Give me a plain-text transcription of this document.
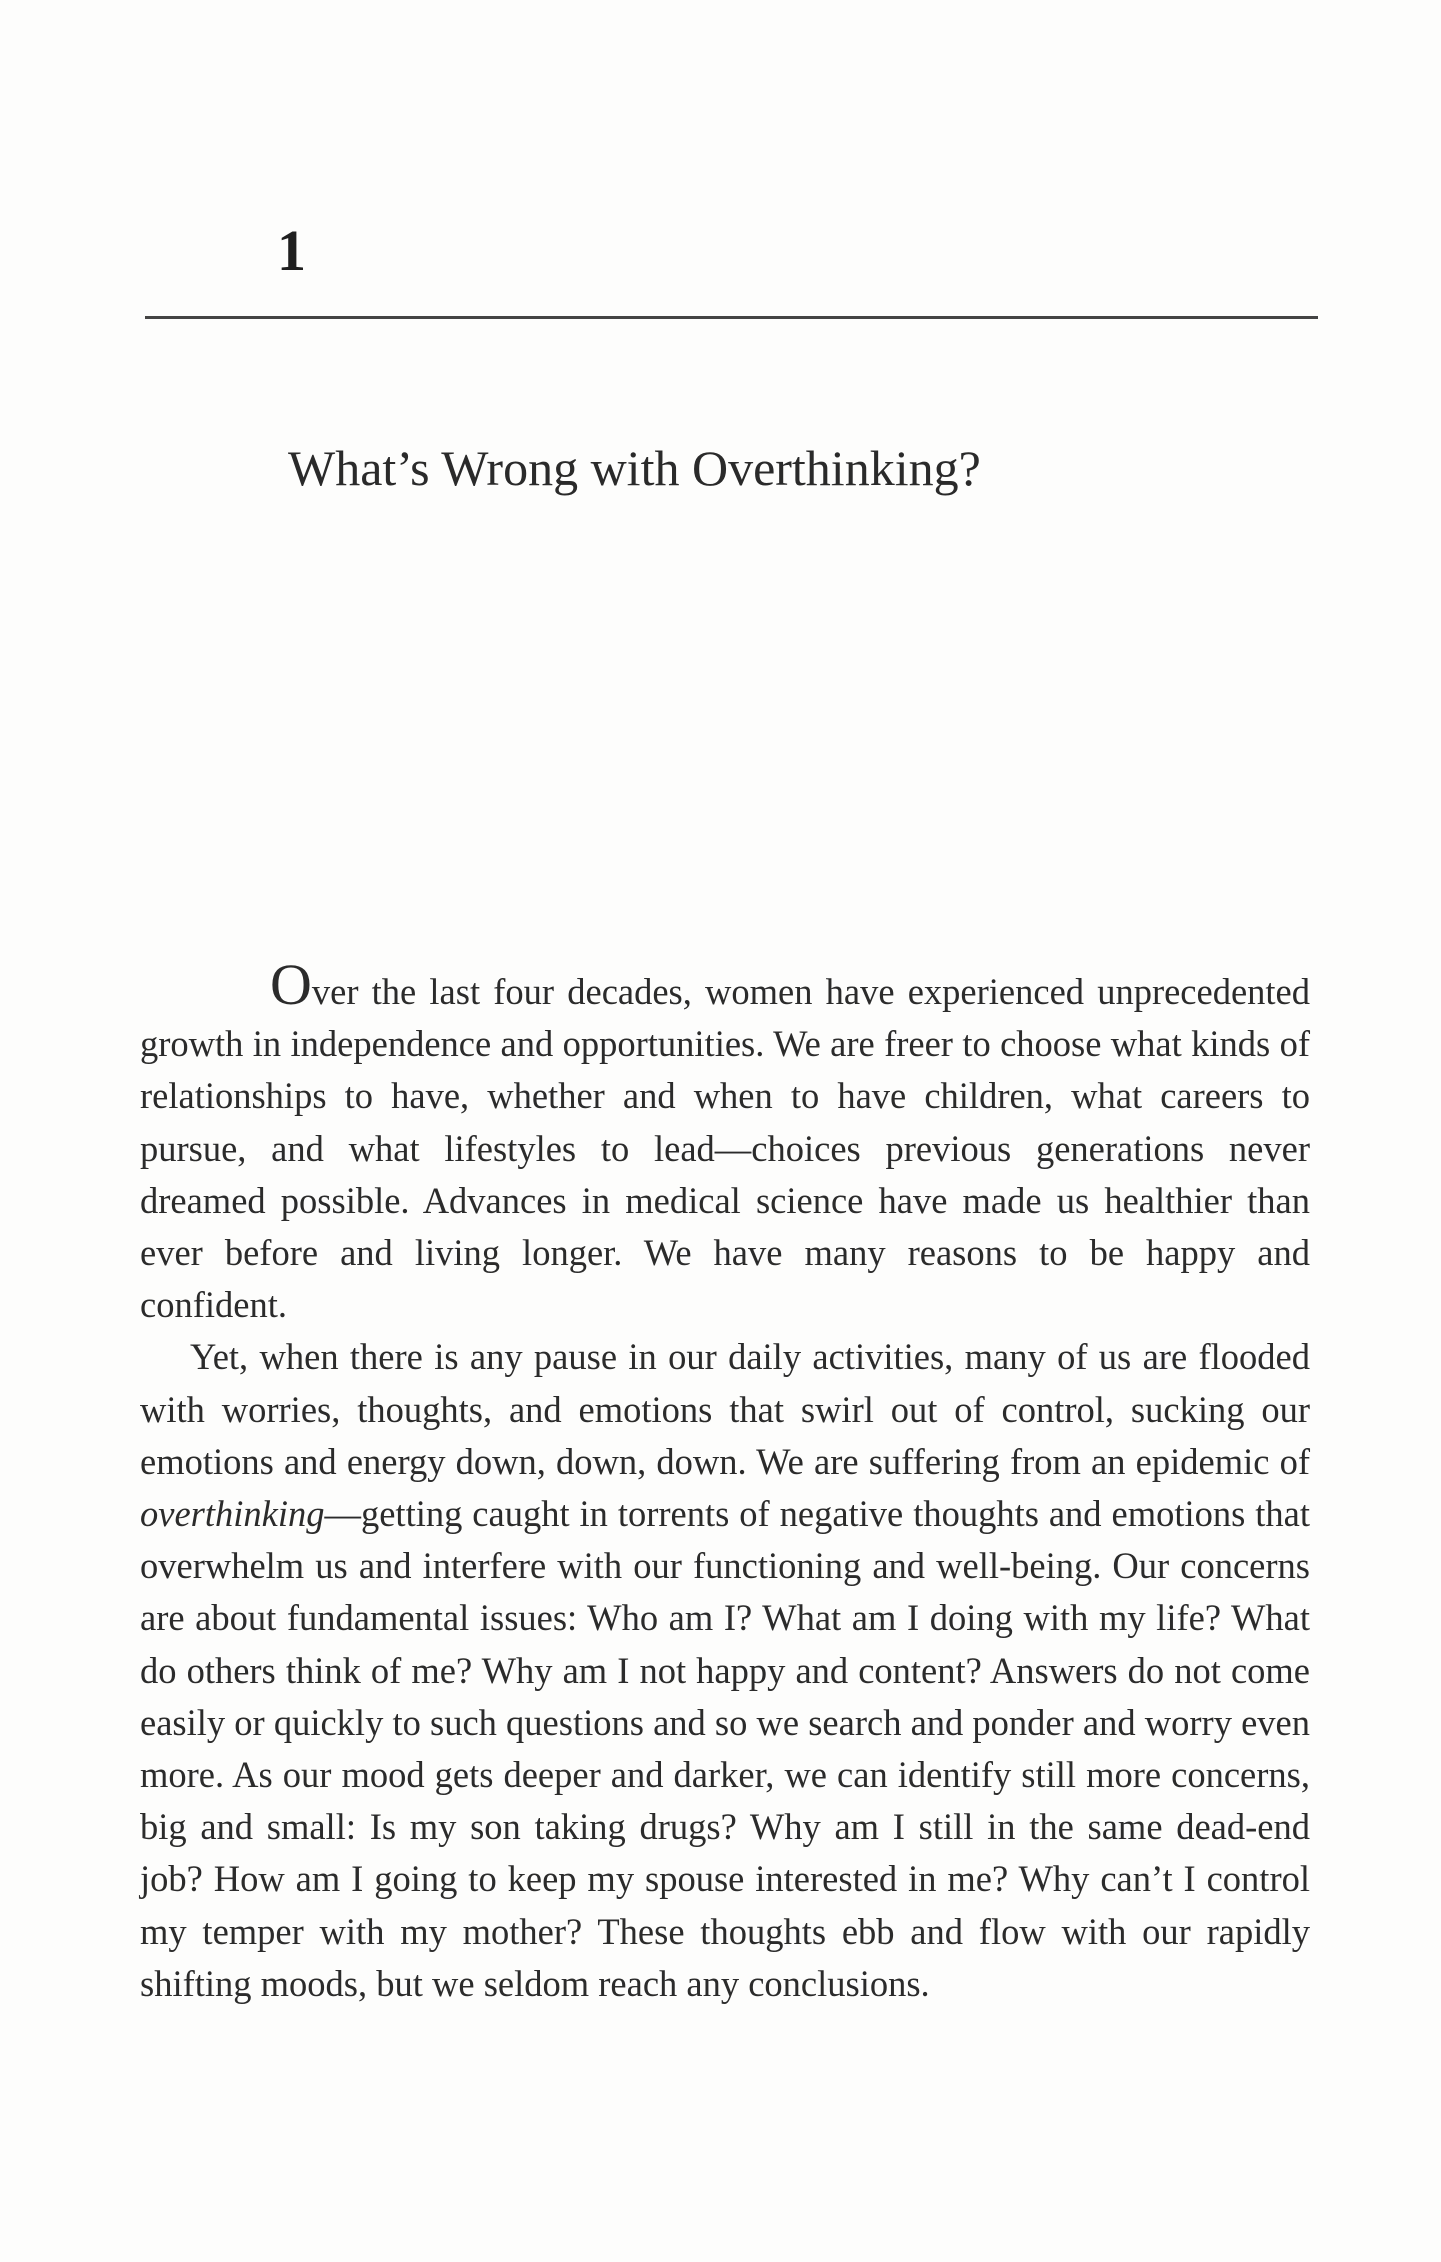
1
What’s Wrong with Overthinking?

Over the last four decades, women have experienced unprecedented growth in independence and opportunities. We are freer to choose what kinds of relationships to have, whether and when to have children, what careers to pursue, and what lifestyles to lead—choices previous generations never dreamed possible. Advances in medical science have made us healthier than ever before and living longer. We have many reasons to be happy and confident.

Yet, when there is any pause in our daily activities, many of us are flooded with worries, thoughts, and emotions that swirl out of control, sucking our emotions and energy down, down, down. We are suffering from an epidemic of overthinking—getting caught in torrents of negative thoughts and emotions that overwhelm us and interfere with our functioning and well-being. Our concerns are about fundamental issues: Who am I? What am I doing with my life? What do others think of me? Why am I not happy and content? Answers do not come easily or quickly to such questions and so we search and ponder and worry even more. As our mood gets deeper and darker, we can identify still more concerns, big and small: Is my son taking drugs? Why am I still in the same dead-end job? How am I going to keep my spouse interested in me? Why can’t I control my temper with my mother? These thoughts ebb and flow with our rapidly shifting moods, but we seldom reach any conclusions.
